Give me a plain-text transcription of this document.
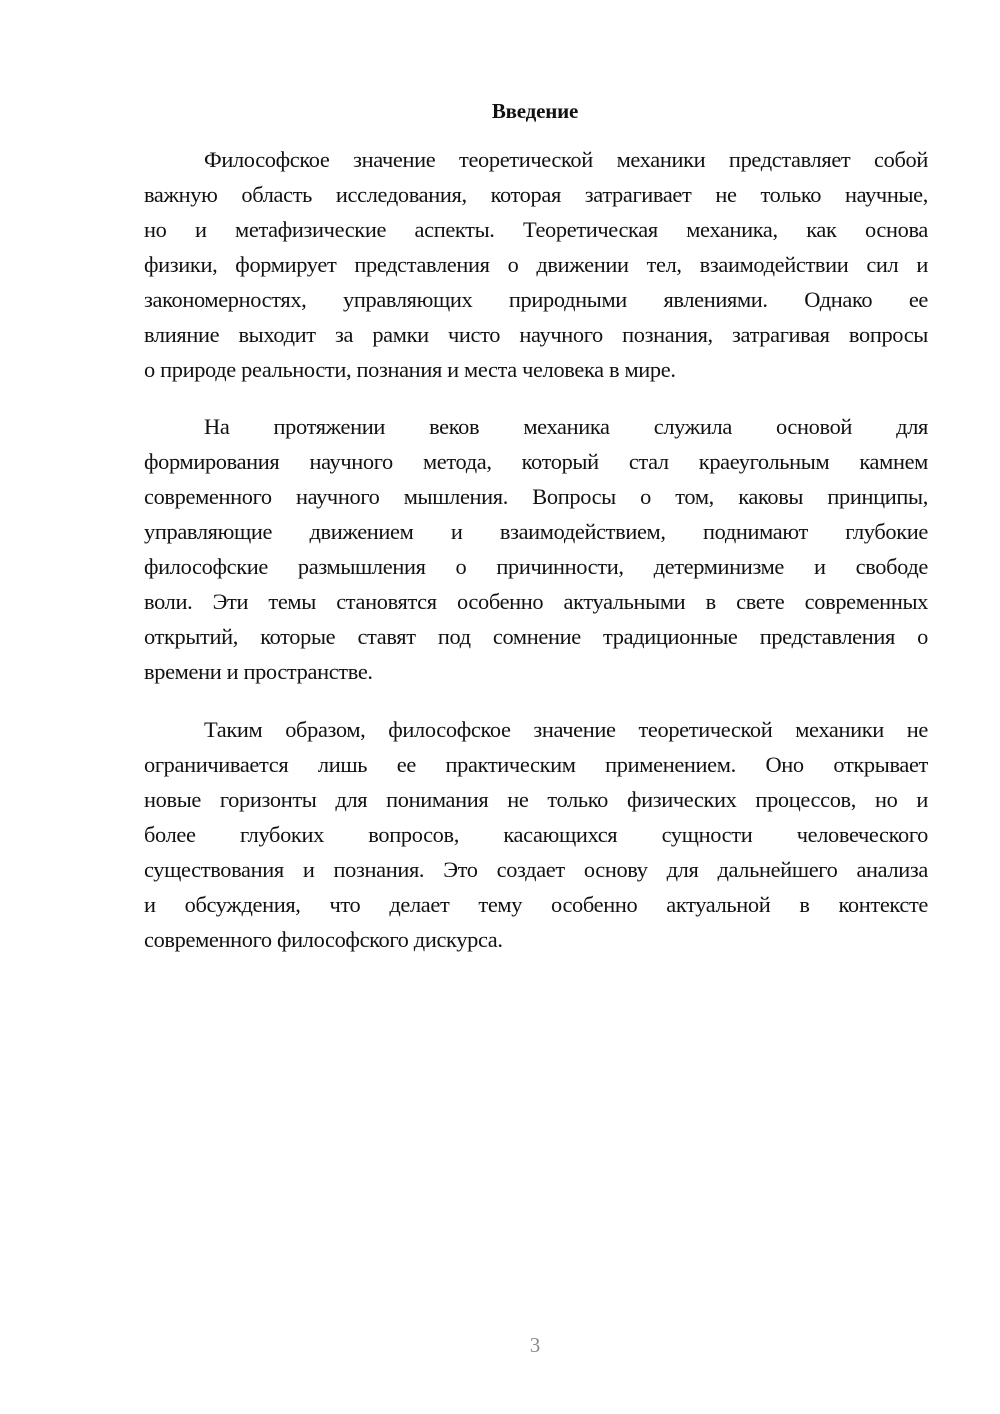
Введение
Философское значение теоретической механики представляет собой
важную область исследования, которая затрагивает не только научные,
но и метафизические аспекты. Теоретическая механика, как основа
физики, формирует представления о движении тел, взаимодействии сил и
закономерностях, управляющих природными явлениями. Однако ее
влияние выходит за рамки чисто научного познания, затрагивая вопросы
о природе реальности, познания и места человека в мире.
На протяжении веков механика служила основой для
формирования научного метода, который стал краеугольным камнем
современного научного мышления. Вопросы о том, каковы принципы,
управляющие движением и взаимодействием, поднимают глубокие
философские размышления о причинности, детерминизме и свободе
воли. Эти темы становятся особенно актуальными в свете современных
открытий, которые ставят под сомнение традиционные представления о
времени и пространстве.
Таким образом, философское значение теоретической механики не
ограничивается лишь ее практическим применением. Оно открывает
новые горизонты для понимания не только физических процессов, но и
более глубоких вопросов, касающихся сущности человеческого
существования и познания. Это создает основу для дальнейшего анализа
и обсуждения, что делает тему особенно актуальной в контексте
современного философского дискурса.
3
